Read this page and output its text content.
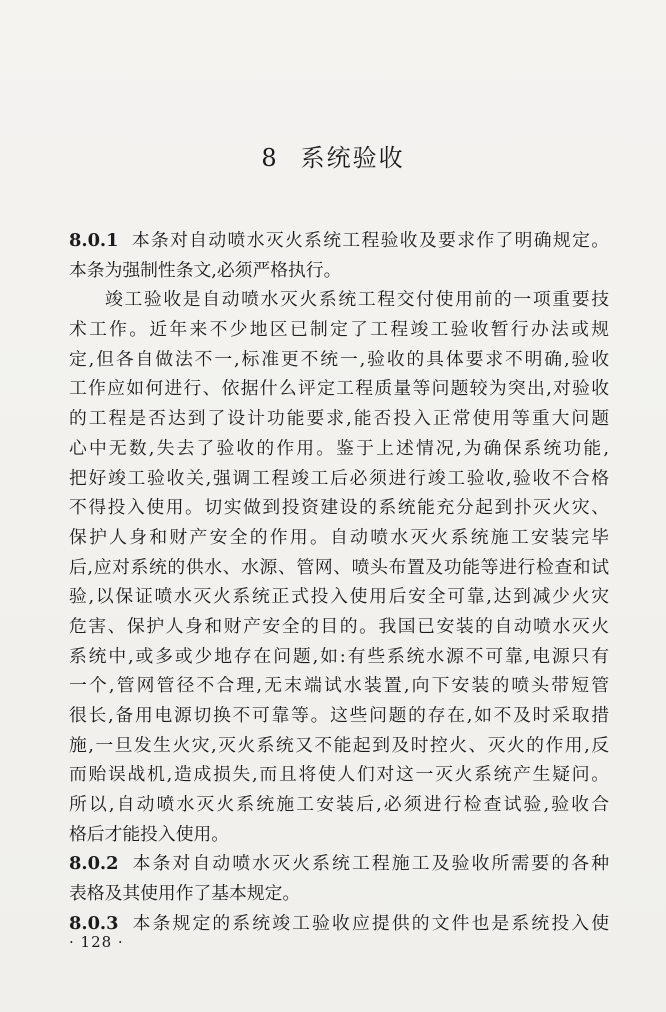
8 系统验收
8.0.1 本条对自动喷水灭火系统工程验收及要求作了明确规定。
本条为强制性条文,必须严格执行。
竣工验收是自动喷水灭火系统工程交付使用前的一项重要技
术工作。近年来不少地区已制定了工程竣工验收暂行办法或规
定,但各自做法不一,标准更不统一,验收的具体要求不明确,验收
工作应如何进行、依据什么评定工程质量等问题较为突出,对验收
的工程是否达到了设计功能要求,能否投入正常使用等重大问题
心中无数,失去了验收的作用。鉴于上述情况,为确保系统功能,
把好竣工验收关,强调工程竣工后必须进行竣工验收,验收不合格
不得投入使用。切实做到投资建设的系统能充分起到扑灭火灾、
保护人身和财产安全的作用。自动喷水灭火系统施工安装完毕
后,应对系统的供水、水源、管网、喷头布置及功能等进行检查和试
验,以保证喷水灭火系统正式投入使用后安全可靠,达到减少火灾
危害、保护人身和财产安全的目的。我国已安装的自动喷水灭火
系统中,或多或少地存在问题,如:有些系统水源不可靠,电源只有
一个,管网管径不合理,无末端试水装置,向下安装的喷头带短管
很长,备用电源切换不可靠等。这些问题的存在,如不及时采取措
施,一旦发生火灾,灭火系统又不能起到及时控火、灭火的作用,反
而贻误战机,造成损失,而且将使人们对这一灭火系统产生疑问。
所以,自动喷水灭火系统施工安装后,必须进行检查试验,验收合
格后才能投入使用。
8.0.2 本条对自动喷水灭火系统工程施工及验收所需要的各种
表格及其使用作了基本规定。
8.0.3 本条规定的系统竣工验收应提供的文件也是系统投入使
· 128 ·
